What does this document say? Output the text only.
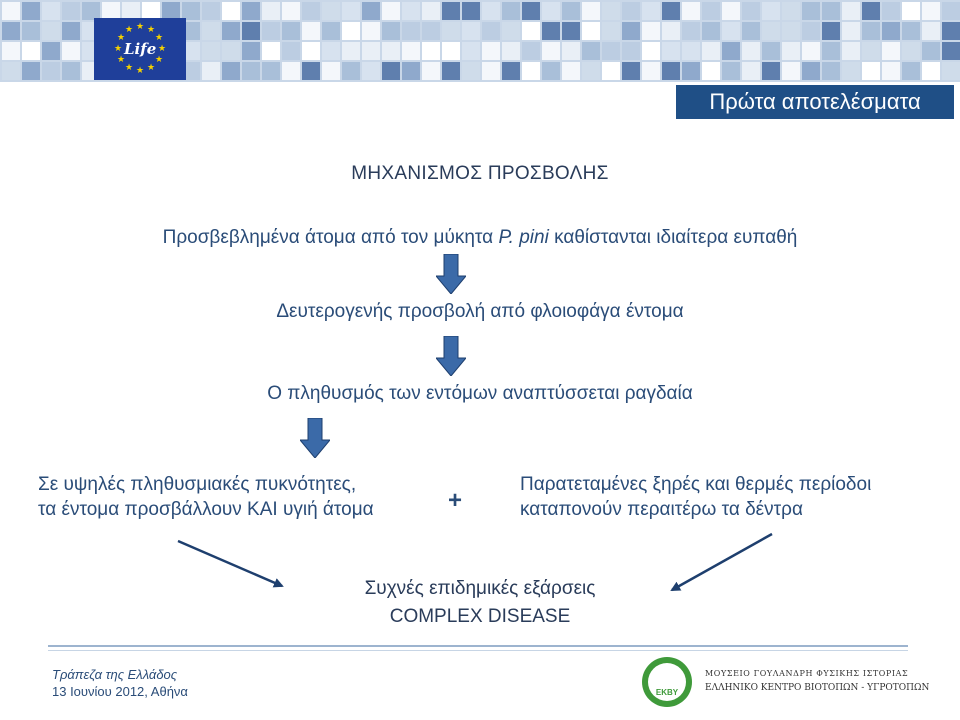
Life ★
★
★
★
★
★
★
★
★ ★ ★
★
Πρώτα αποτελέσματα
ΜΗΧΑΝΙΣΜΟΣ ΠΡΟΣΒΟΛΗΣ
Προσβεβλημένα άτομα από τον μύκητα P. pini καθίστανται ιδιαίτερα ευπαθή
Δευτερογενής προσβολή από φλοιοφάγα έντομα
Ο πληθυσμός των εντόμων αναπτύσσεται ραγδαία
Σε υψηλές πληθυσμιακές πυκνότητες,
τα έντομα προσβάλλουν ΚΑΙ υγιή άτομα	+
Παρατεταμένες ξηρές και θερμές περίοδοι
καταπονούν περαιτέρω τα δέντρα
Συχνές επιδημικές εξάρσεις
COMPLEX DISEASE
Τράπεζα της Ελλάδος
13 Ιουνίου 2012, Αθήνα	EKBY
ΜΟΥΣΕΙΟ ΓΟΥΛΑΝΔΡΗ ΦΥΣΙΚΗΣ ΙΣΤΟΡΙΑΣ
ΕΛΛΗΝΙΚΟ ΚΕΝΤΡΟ ΒΙΟΤΟΠΩΝ - ΥΓΡΟΤΟΠΩΝ
